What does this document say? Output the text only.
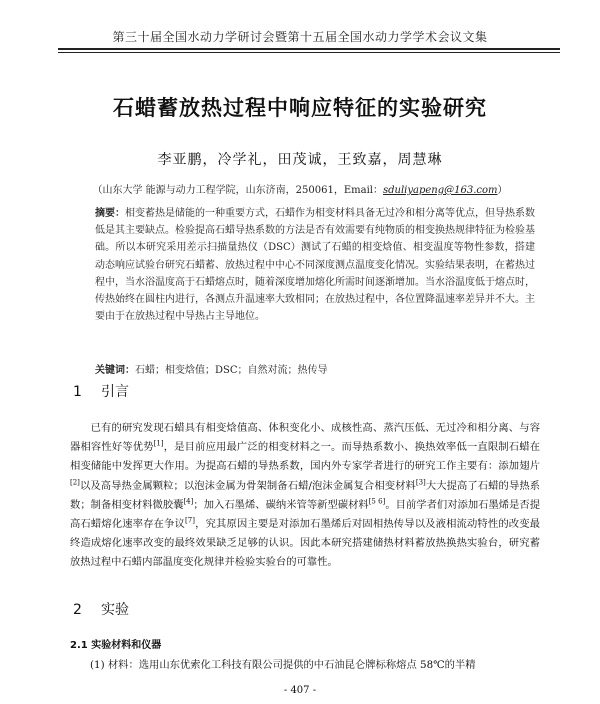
第三十届全国水动力学研讨会暨第十五届全国水动力学学术会议文集
石蜡蓄放热过程中响应特征的实验研究
李亚鹏，冷学礼，田茂诚，王致嘉，周慧琳
（山东大学 能源与动力工程学院，山东济南，250061，Email：sduliyapeng@163.com）
摘要：相变蓄热是储能的一种重要方式，石蜡作为相变材料具备无过冷和相分离等优点，但导热系数低是其主要缺点。检验提高石蜡导热系数的方法是否有效需要有纯物质的相变换热规律特征为检验基础。所以本研究采用差示扫描量热仪（DSC）测试了石蜡的相变焓值、相变温度等物性参数，搭建动态响应试验台研究石蜡蓄、放热过程中中心不同深度测点温度变化情况。实验结果表明，在蓄热过程中，当水浴温度高于石蜡熔点时，随着深度增加熔化所需时间逐渐增加。当水浴温度低于熔点时，传热始终在圆柱内进行，各测点升温速率大致相同；在放热过程中，各位置降温速率差异并不大。主要由于在放热过程中导热占主导地位。
关键词：石蜡；相变焓值；DSC；自然对流；热传导
1 引言
已有的研究发现石蜡具有相变焓值高、体积变化小、成核性高、蒸汽压低、无过冷和相分离、与容器相容性好等优势[1]，是目前应用最广泛的相变材料之一。而导热系数小、换热效率低一直限制石蜡在相变储能中发挥更大作用。为提高石蜡的导热系数，国内外专家学者进行的研究工作主要有：添加翅片[2]以及高导热金属颗粒；以泡沫金属为骨架制备石蜡/泡沫金属复合相变材料[3]大大提高了石蜡的导热系数；制备相变材料微胶囊[4]；加入石墨烯、碳纳米管等新型碳材料[5 6]。目前学者们对添加石墨烯是否提高石蜡熔化速率存在争议[7]，究其原因主要是对添加石墨烯后对固相热传导以及液相流动特性的改变最终造成熔化速率改变的最终效果缺乏足够的认识。因此本研究搭建储热材料蓄放热换热实验台，研究蓄放热过程中石蜡内部温度变化规律并检验实验台的可靠性。
2 实验
2.1 实验材料和仪器
(1) 材料：选用山东优索化工科技有限公司提供的中石油昆仑牌标称熔点 58℃的半精
- 407 -
